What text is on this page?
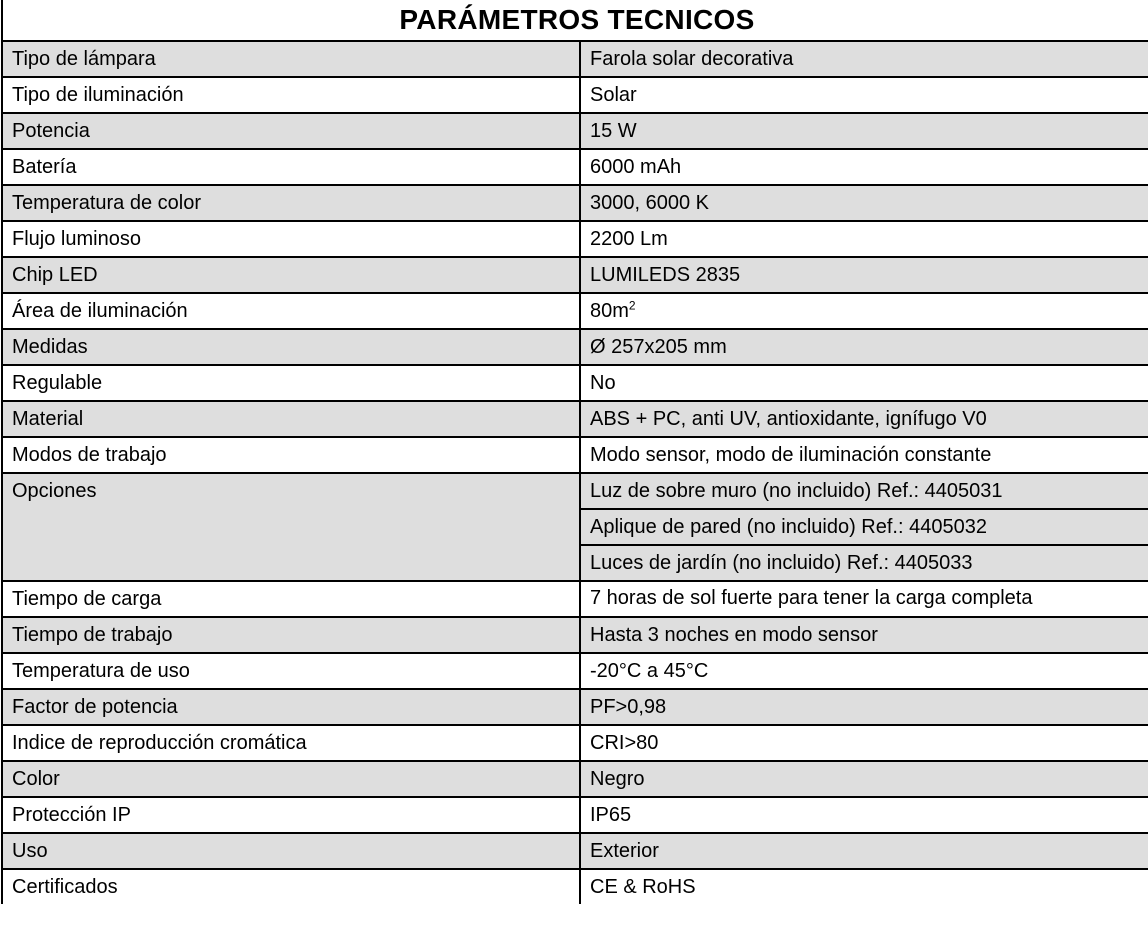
PARÁMETROS TECNICOS	
Tipo de lámpara	Farola solar decorativa
Tipo de iluminación	Solar
Potencia	15 W
Batería	6000 mAh
Temperatura de color	3000, 6000 K
Flujo luminoso	2200 Lm
Chip LED	LUMILEDS 2835
Área de iluminación	$80m^2$
Medidas	Ø 257x205 mm
Regulable	No
Material	ABS + PC, anti UV, antioxidante, ignífugo V0
Modos de trabajo	Modo sensor, modo de iluminación constante
Opciones	Luz de sobre muro (no incluido) Ref.: 4405031
	Aplique de pared (no incluido) Ref.: 4405032
	Luces de jardín (no incluido) Ref.: 4405033
Tiempo de carga	7 horas de sol fuerte para tener la carga completa
Tiempo de trabajo	Hasta 3 noches en modo sensor
Temperatura de uso	-20°C a 45°C
Factor de potencia	PF>0,98
Indice de reproducción cromática	CRI>80
Color	Negro
Protección IP	IP65
Uso	Exterior
Certificados	CE & RoHS
